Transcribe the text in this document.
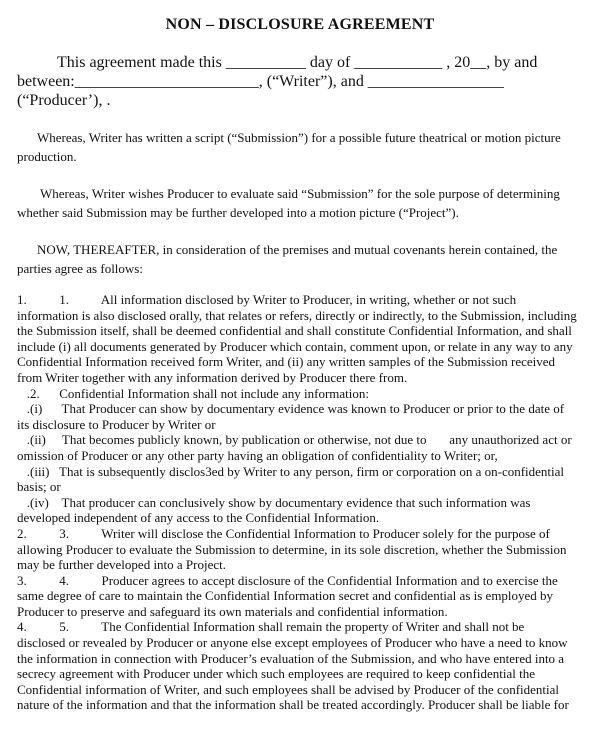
NON – DISCLOSURE AGREEMENT
This agreement made this __________ day of ___________ , 20__, by and
between:_______________________, (“Writer”), and _________________
(“Producer’), .
Whereas, Writer has written a script (“Submission”) for a possible future theatrical or motion picture
production.
Whereas, Writer wishes Producer to evaluate said “Submission” for the sole purpose of determining
whether said Submission may be further developed into a motion picture (“Project”).
NOW, THEREAFTER, in consideration of the premises and mutual covenants herein contained, the
parties agree as follows:
1.          1.          All information disclosed by Writer to Producer, in writing, whether or not such
information is also disclosed orally, that relates or refers, directly or indirectly, to the Submission, including
the Submission itself, shall be deemed confidential and shall constitute Confidential Information, and shall
include (i) all documents generated by Producer which contain, comment upon, or relate in any way to any
Confidential Information received form Writer, and (ii) any written samples of the Submission received
from Writer together with any information derived by Producer there from.
.2.      Confidential Information shall not include any information:
.(i)      That Producer can show by documentary evidence was known to Producer or prior to the date of
its disclosure to Producer by Writer or
.(ii)     That becomes publicly known, by publication or otherwise, not due to       any unauthorized act or
omission of Producer or any other party having an obligation of confidentiality to Writer; or,
.(iii)   That is subsequently disclos3ed by Writer to any person, firm or corporation on a on-confidential
basis; or
.(iv)    That producer can conclusively show by documentary evidence that such information was
developed independent of any access to the Confidential Information.
2.          3.          Writer will disclose the Confidential Information to Producer solely for the purpose of
allowing Producer to evaluate the Submission to determine, in its sole discretion, whether the Submission
may be further developed into a Project.
3.          4.          Producer agrees to accept disclosure of the Confidential Information and to exercise the
same degree of care to maintain the Confidential Information secret and confidential as is employed by
Producer to preserve and safeguard its own materials and confidential information.
4.          5.          The Confidential Information shall remain the property of Writer and shall not be
disclosed or revealed by Producer or anyone else except employees of Producer who have a need to know
the information in connection with Producer’s evaluation of the Submission, and who have entered into a
secrecy agreement with Producer under which such employees are required to keep confidential the
Confidential information of Writer, and such employees shall be advised by Producer of the confidential
nature of the information and that the information shall be treated accordingly. Producer shall be liable for
